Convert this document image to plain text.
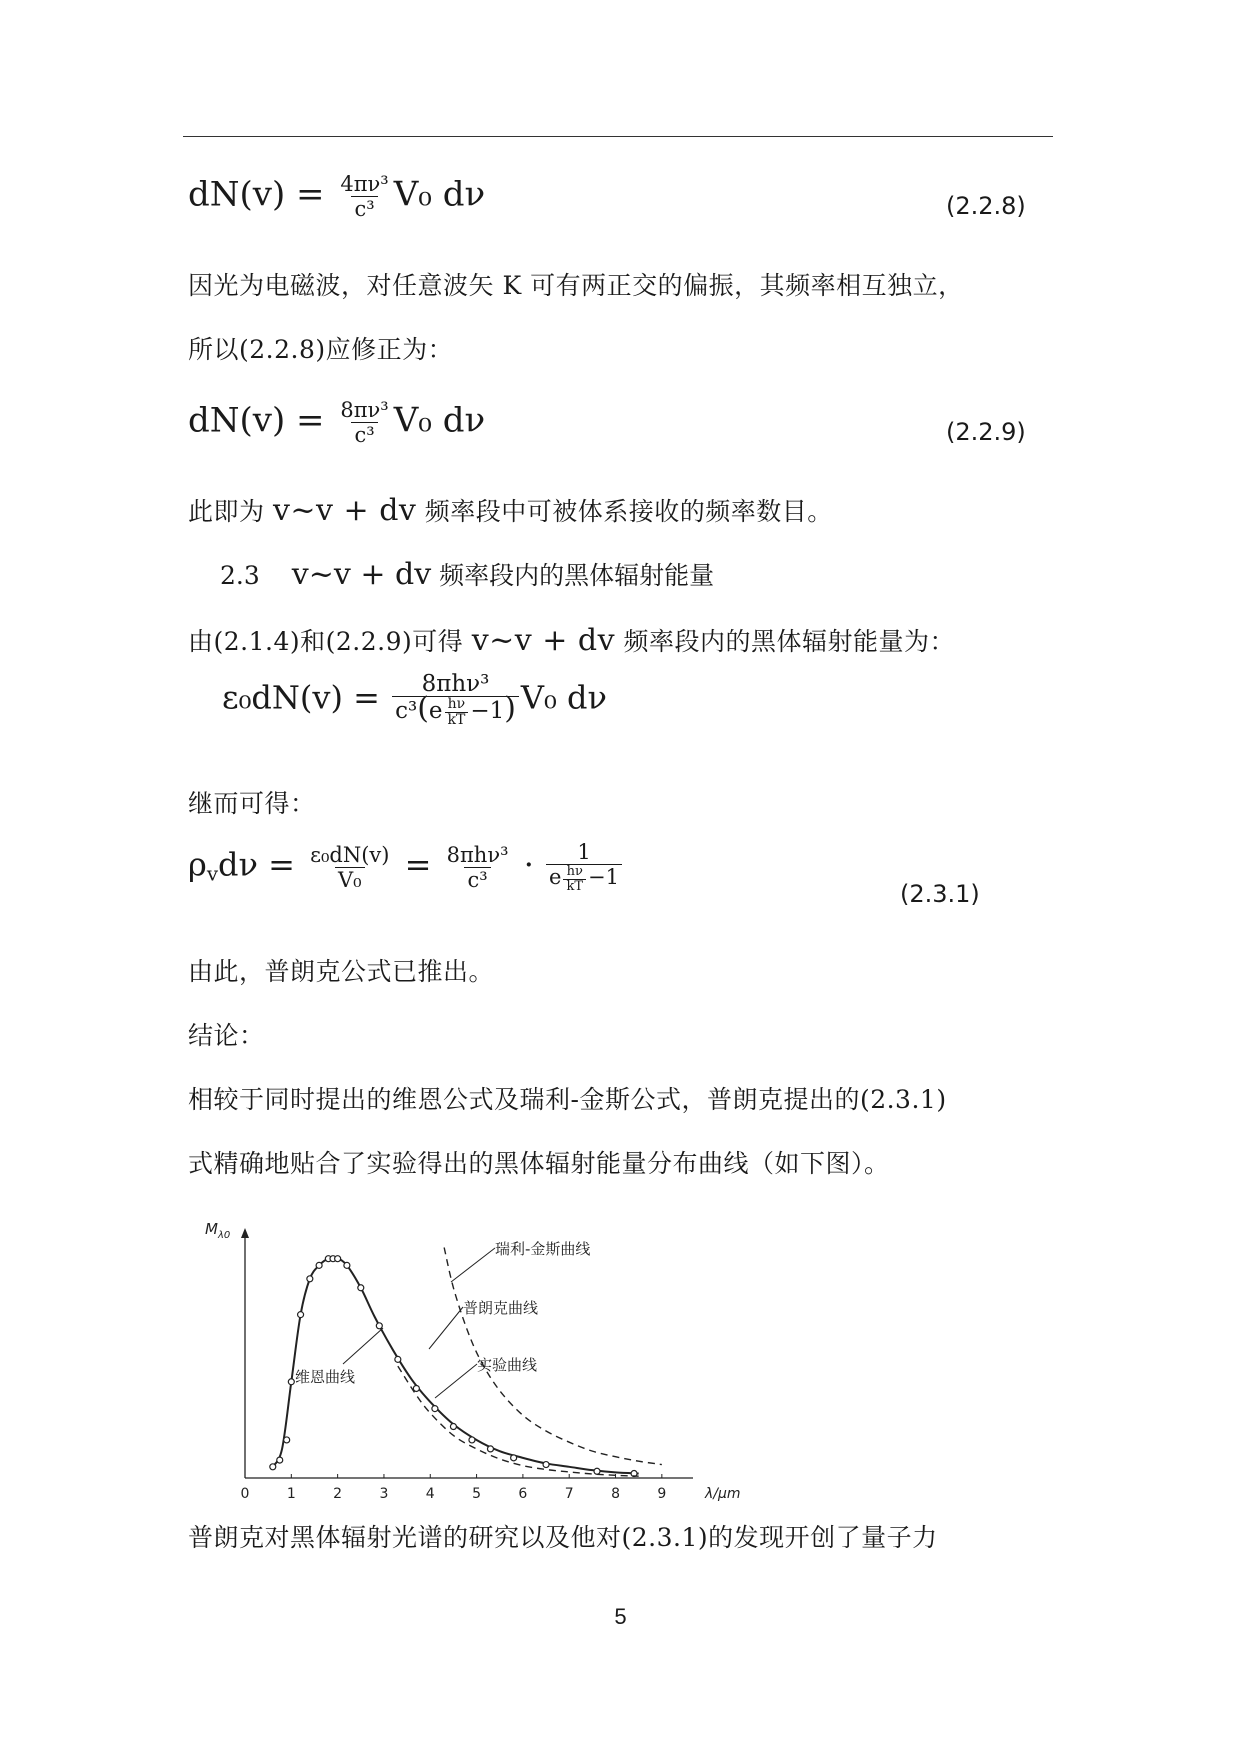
$dN(v) = \frac{\text{4πν³}}{\text{c³}} V_0$ dν	(2.2.8)
因光为电磁波，对任意波矢 K 可有两正交的偏振，其频率相互独立，
所以(2.2.8)应修正为：
$dN(v) = \frac{\text{8πν³}}{\text{c³}} V_0$ dν	(2.2.9)
此即为 v~v + dv 频率段中可被体系接收的频率数目。
2.3 v~v + dv 频率段内的黑体辐射能量
由(2.1.4)和(2.2.9)可得 v~v + dv 频率段内的黑体辐射能量为：
$\varepsilon_0dN(v) = \frac{\text{8πhν³}}{c^3(e \frac{h\nu}{kT} -1)} V_0$ dν
继而可得：
$\rho_vd\nu = \frac{\text{ε₀dN(v)}}{\text{V₀}} = \frac{\text{8πhν³}}{\text{c³}} \cdot \frac{1}{e \frac{h\nu}{kT} -1}$	(2.3.1)
由此，普朗克公式已推出。
结论：
相较于同时提出的维恩公式及瑞利-金斯公式，普朗克提出的(2.3.1)
式精确地贴合了实验得出的黑体辐射能量分布曲线（如下图）。
0	1	2	3	4	5	6	7	8	9	λ/μm
$M_{\lambda 0}$
瑞利-金斯曲线
普朗克曲线
实验曲线
维恩曲线
普朗克对黑体辐射光谱的研究以及他对(2.3.1)的发现开创了量子力
5
